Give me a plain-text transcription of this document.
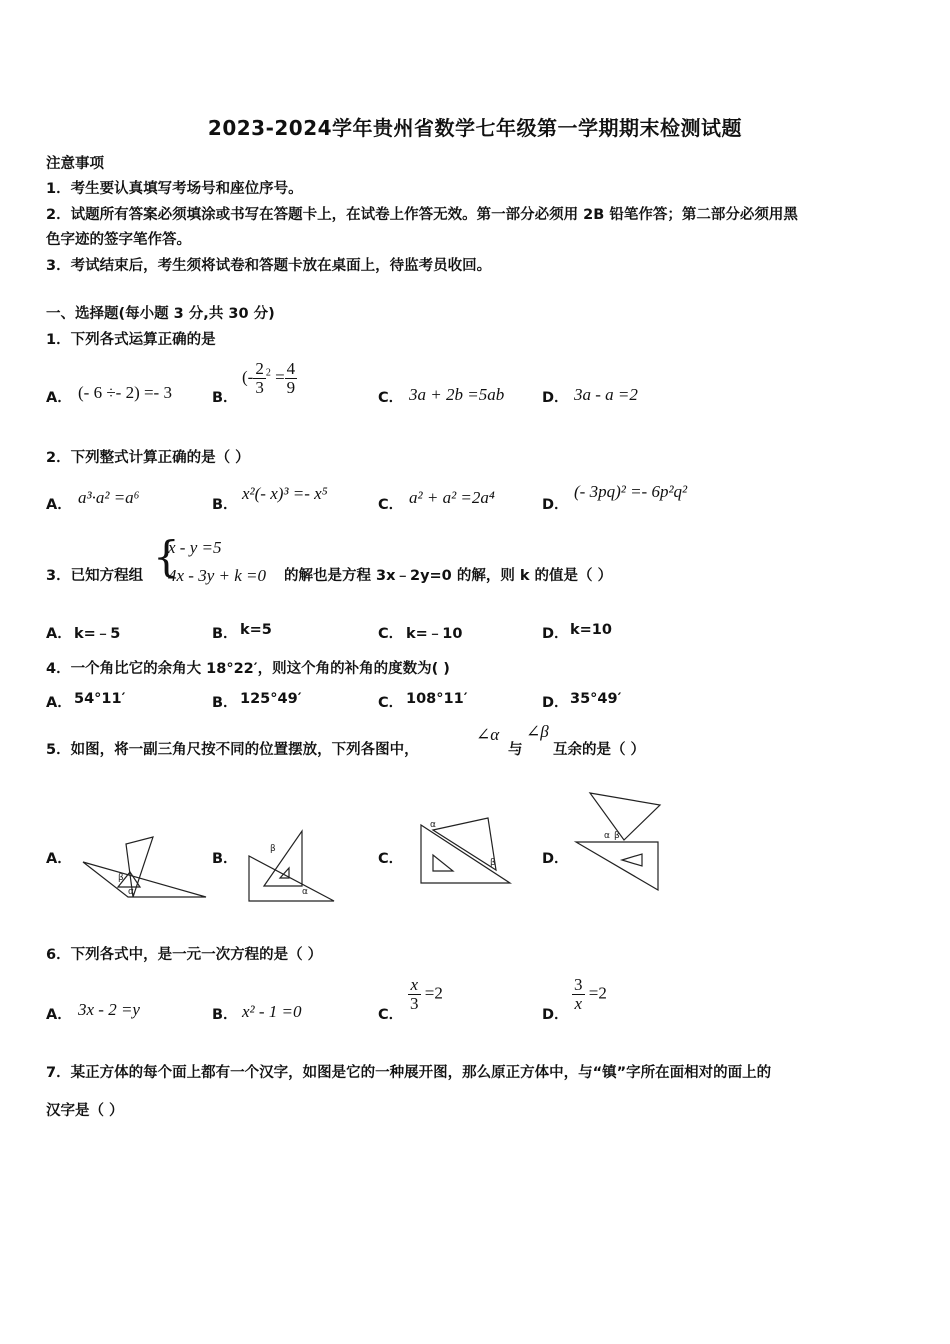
2023-2024学年贵州省数学七年级第一学期期末检测试题
注意事项
1．考生要认真填写考场号和座位序号。
2．试题所有答案必须填涂或书写在答题卡上，在试卷上作答无效。第一部分必须用 2B 铅笔作答；第二部分必须用黑
色字迹的签字笔作答。
3．考试结束后，考生须将试卷和答题卡放在桌面上，待监考员收回。
一、选择题(每小题 3 分,共 30 分)
1．下列各式运算正确的是
A． (- 6 ÷- 2) =- 3	B．
(- $\frac{2}{3} ^2 = \frac{4}{9}$
C． 3a + 2b =5ab	D． 3a - a =2
2．下列整式计算正确的是（ ）
A． a³·a² =a⁶	B．
x²(- x)³ =- x⁵
C． a² + a² =2a⁴	D．
(- 3pq)² =- 6p²q²
3．已知方程组 {
x - y =5
4x - 3y + k =0 的解也是方程 3x﹣2y=0 的解，则 k 的值是（ ）
A． k=﹣5	B． k=5	C． k=﹣10	D． k=10
4．一个角比它的余角大 18°22′，则这个角的补角的度数为( )
A． 54°11′	B． 125°49′	C． 108°11′	D． 35°49′
5．如图，将一副三角尺按不同的位置摆放，下列各图中，
∠α
与
∠β
互余的是（ ）
A．
β
α
B．
β
α
C．
α
β	D．
α β
6．下列各式中，是一元一次方程的是（ ）
A． 3x - 2 =y	B． x² - 1 =0	C．
$\frac{x}{3} =2$
D．
$\frac{3}{x} =2$
7．某正方体的每个面上都有一个汉字，如图是它的一种展开图，那么原正方体中，与“镇”字所在面相对的面上的
汉字是（ ）
